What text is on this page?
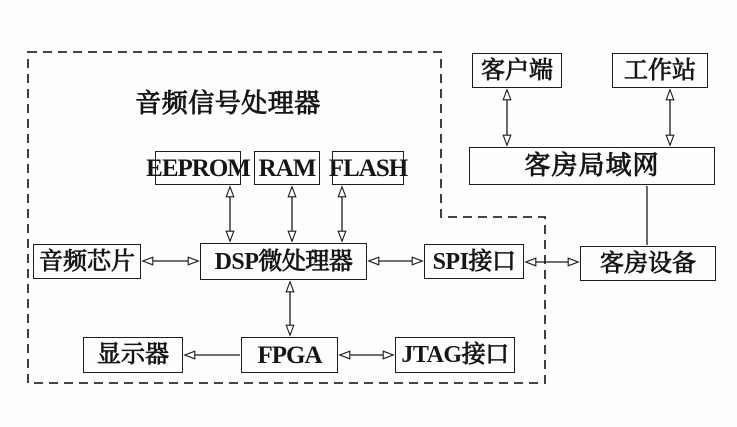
音频信号处理器
EEPROM RAM FLASH
音频芯片	DSP微处理器	SPI接口
显示器	FPGA	JTAG接口
客户端	工作站
客房局域网
客房设备
